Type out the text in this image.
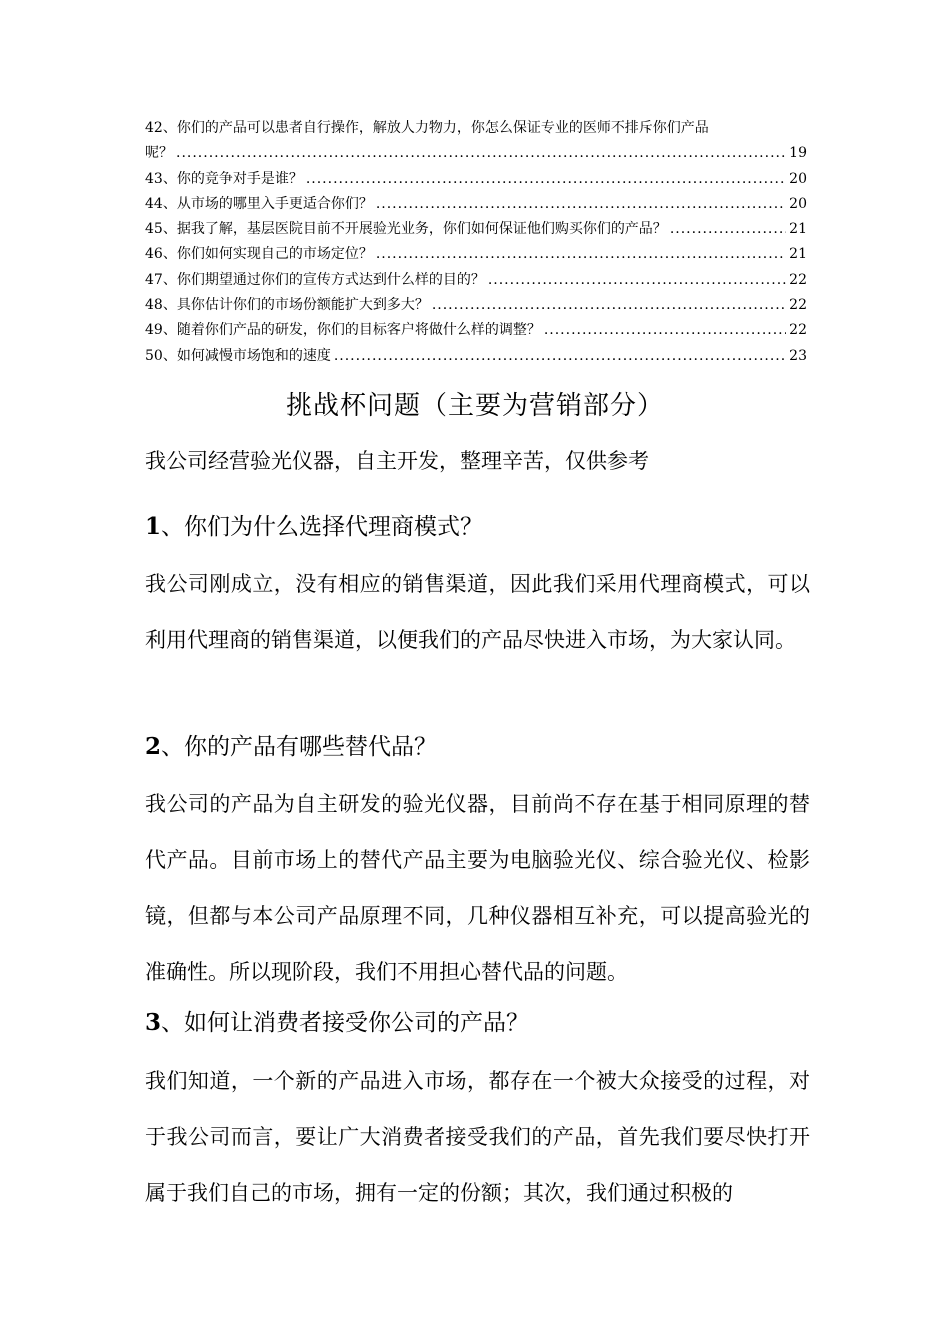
42、你们的产品可以患者自行操作，解放人力物力，你怎么保证专业的医师不排斥你们产品
呢？ .....	19
43、你的竞争对手是谁？ .....	20
44、从市场的哪里入手更适合你们？ .....	20
45、据我了解，基层医院目前不开展验光业务，你们如何保证他们购买你们的产品？ .....	21
46、你们如何实现自己的市场定位？ .....	21
47、你们期望通过你们的宣传方式达到什么样的目的？ .....	22
48、具你估计你们的市场份额能扩大到多大？ .....	22
49、随着你们产品的研发，你们的目标客户将做什么样的调整？ .....	22
50、如何减慢市场饱和的速度 .....	23
挑战杯问题（主要为营销部分）
我公司经营验光仪器，自主开发，整理辛苦，仅供参考
1、你们为什么选择代理商模式？

我公司刚成立，没有相应的销售渠道，因此我们采用代理商模式，可以利用代理商的销售渠道，以便我们的产品尽快进入市场，为大家认同。

2、你的产品有哪些替代品？

我公司的产品为自主研发的验光仪器，目前尚不存在基于相同原理的替代产品。目前市场上的替代产品主要为电脑验光仪、综合验光仪、检影镜，但都与本公司产品原理不同，几种仪器相互补充，可以提高验光的准确性。所以现阶段，我们不用担心替代品的问题。

3、如何让消费者接受你公司的产品？

我们知道，一个新的产品进入市场，都存在一个被大众接受的过程，对于我公司而言，要让广大消费者接受我们的产品，首先我们要尽快打开属于我们自己的市场，拥有一定的份额；其次，我们通过积极的
